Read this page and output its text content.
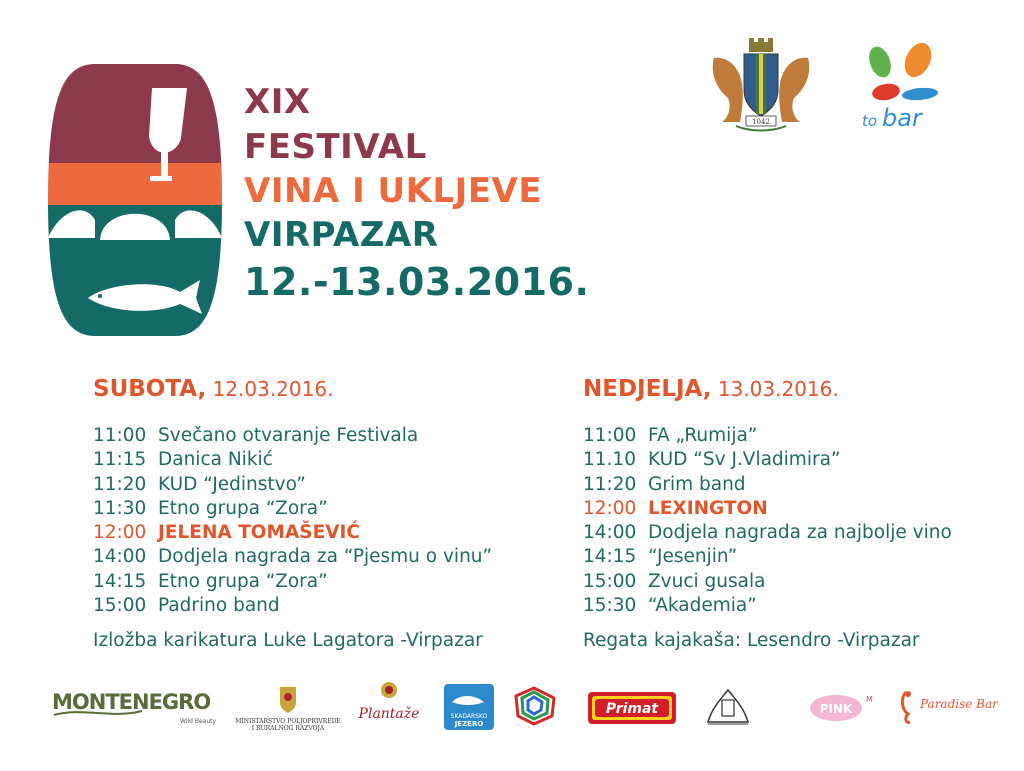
XIX
FESTIVAL
VINA I UKLJEVE
VIRPAZAR
12.-13.03.2016.
1042	to bar
SUBOTA, 12.03.2016.
11:00 Svečano otvaranje Festivala
11:15 Danica Nikić
11:20 KUD “Jedinstvo”
11:30 Etno grupa “Zora”
12:00 JELENA TOMAŠEVIĆ
14:00 Dodjela nagrada za “Pjesmu o vinu”
14:15 Etno grupa “Zora”
15:00 Padrino band
Izložba karikatura Luke Lagatora -Virpazar
NEDJELJA, 13.03.2016.
11:00 FA „Rumija”
11.10 KUD “Sv J.Vladimira”
11:20 Grim band
12:00 LEXINGTON
14:00 Dodjela nagrada za najbolje vino
14:15 “Jesenjin”
15:00 Zvuci gusala
15:30 “Akademia”
Regata kajakaša: Lesendro -Virpazar
MONTENEGRO
Wild Beauty	MINISTARSTVO POLJOPRIVREDE
I RURALNOG RAZVOJA
Plantaže	SKADARSKO
JEZERO
Primat	PINK
M	Paradise Bar
